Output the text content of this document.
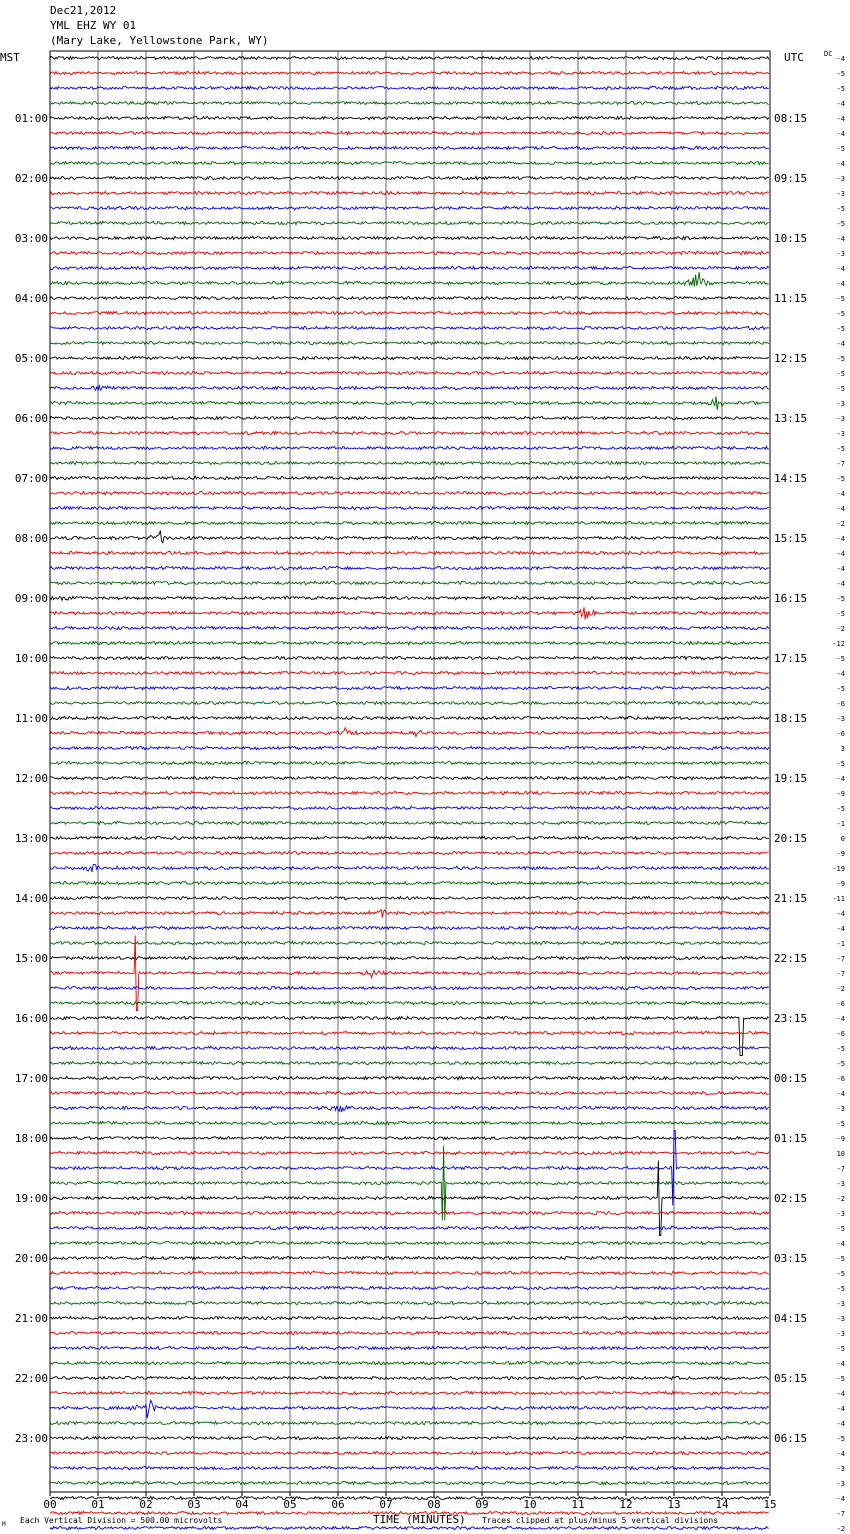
Dec21,2012
YML EHZ WY 01
(Mary Lake, Yellowstone Park, WY)
01:00
02:00
03:00
04:00
05:00
06:00
07:00
08:00
09:00
10:00
11:00
12:00
13:00
14:00
15:00
16:00
17:00
18:00
19:00
20:00
21:00
22:00
23:00
08:15
09:15
10:15
11:15
12:15
13:15
14:15
15:15
16:15
17:15
18:15
19:15
20:15
21:15
22:15
23:15
00:15
01:15
02:15
03:15
04:15
05:15
06:15
-4
-5
-5
-4
-4
-4
-5
-4
-3
-3
-5
-5
-4
-3
-4
-4
-5
-5
-5
-4
-5
-5
-5
-3
-3
-3
-5
-7
-5
-4
-4
-2
-4
-4
-4
-4
-5
-5
-2
-12
-5
-4
-5
-6
-3
-6
3
-5
-4
-9
-5
-1
0
-9
-19
-9
-11
-4
-4
-1
-7
-7
-2
-6
-4
-6
-5
-5
-6
-4
-3
-5
-9
10
-7
-3
-2
-3
-5
-4
-5
-5
-5
-3
-3
-3
-5
-4
-5
-4
-4
-4
-5
-4
-3
-3
-4
-7
-2
00	01	02	03	04	05	06	07	08	09	10	11	12	13	14	15
MST	UTC	DC
M Each Vertical Division = 500.00 microvolts	TIME (MINUTES) Traces clipped at plus/minus 5 vertical divisions
